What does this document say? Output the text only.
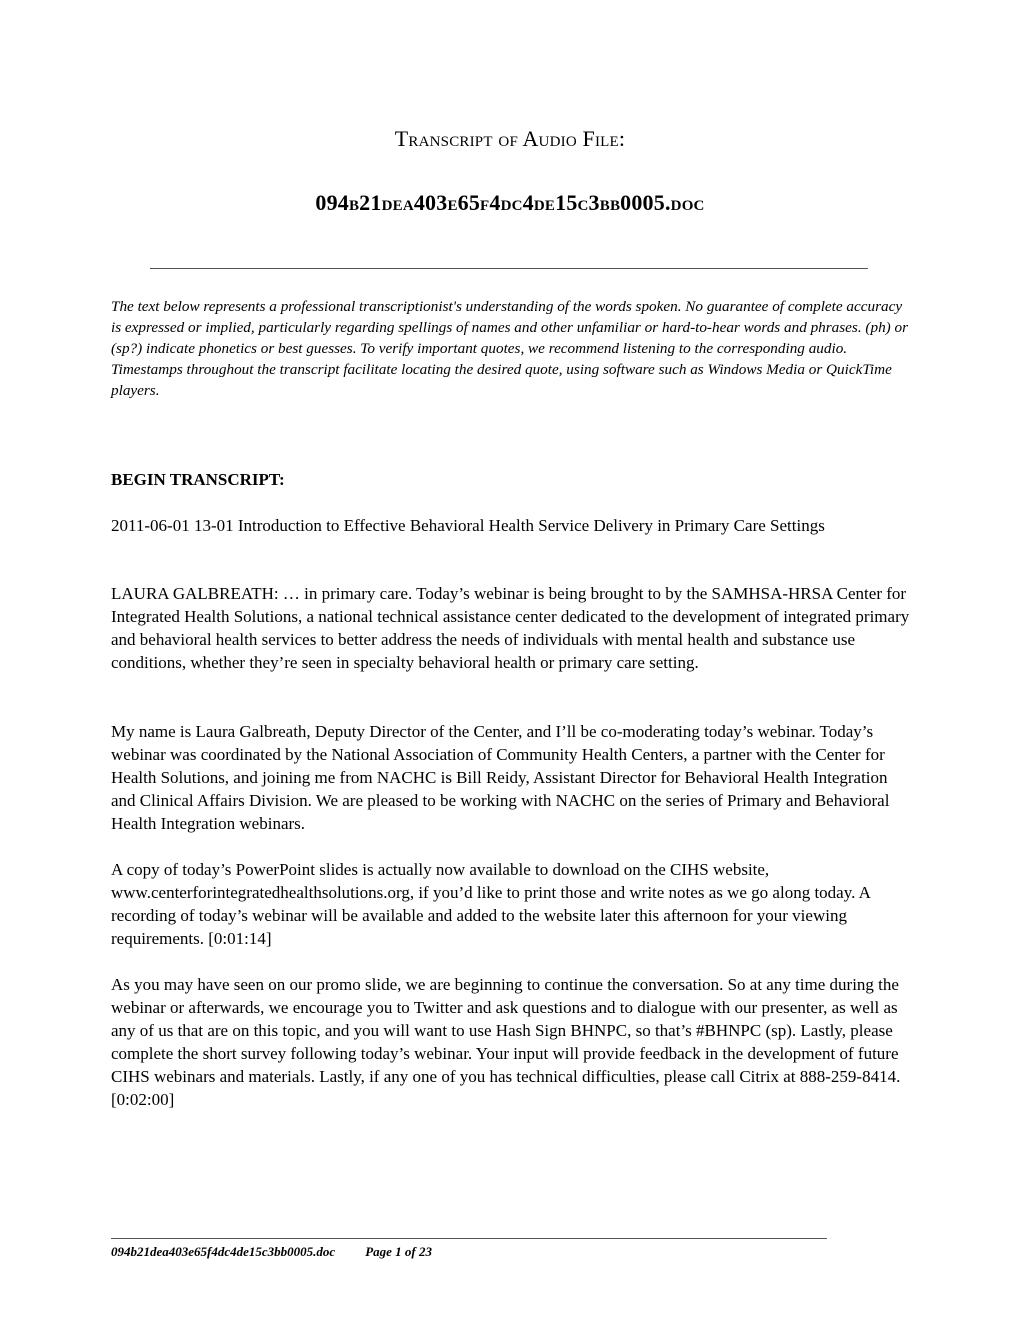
Transcript of Audio File:
094b21dea403e65f4dc4de15c3bb0005.doc
The text below represents a professional transcriptionist's understanding of the words spoken. No guarantee of complete accuracy is expressed or implied, particularly regarding spellings of names and other unfamiliar or hard-to-hear words and phrases. (ph) or (sp?) indicate phonetics or best guesses. To verify important quotes, we recommend listening to the corresponding audio. Timestamps throughout the transcript facilitate locating the desired quote, using software such as Windows Media or QuickTime players.
BEGIN TRANSCRIPT:
2011-06-01 13-01 Introduction to Effective Behavioral Health Service Delivery in Primary Care Settings
LAURA GALBREATH: … in primary care. Today’s webinar is being brought to by the SAMHSA-HRSA Center for Integrated Health Solutions, a national technical assistance center dedicated to the development of integrated primary and behavioral health services to better address the needs of individuals with mental health and substance use conditions, whether they’re seen in specialty behavioral health or primary care setting.
My name is Laura Galbreath, Deputy Director of the Center, and I’ll be co-moderating today’s webinar. Today’s webinar was coordinated by the National Association of Community Health Centers, a partner with the Center for Health Solutions, and joining me from NACHC is Bill Reidy, Assistant Director for Behavioral Health Integration and Clinical Affairs Division. We are pleased to be working with NACHC on the series of Primary and Behavioral Health Integration webinars.
A copy of today’s PowerPoint slides is actually now available to download on the CIHS website, www.centerforintegratedhealthsolutions.org, if you’d like to print those and write notes as we go along today. A recording of today’s webinar will be available and added to the website later this afternoon for your viewing requirements. [0:01:14]
As you may have seen on our promo slide, we are beginning to continue the conversation. So at any time during the webinar or afterwards, we encourage you to Twitter and ask questions and to dialogue with our presenter, as well as any of us that are on this topic, and you will want to use Hash Sign BHNPC, so that’s #BHNPC (sp). Lastly, please complete the short survey following today’s webinar. Your input will provide feedback in the development of future CIHS webinars and materials. Lastly, if any one of you has technical difficulties, please call Citrix at 888-259-8414. [0:02:00]
094b21dea403e65f4dc4de15c3bb0005.doc Page 1 of 23
